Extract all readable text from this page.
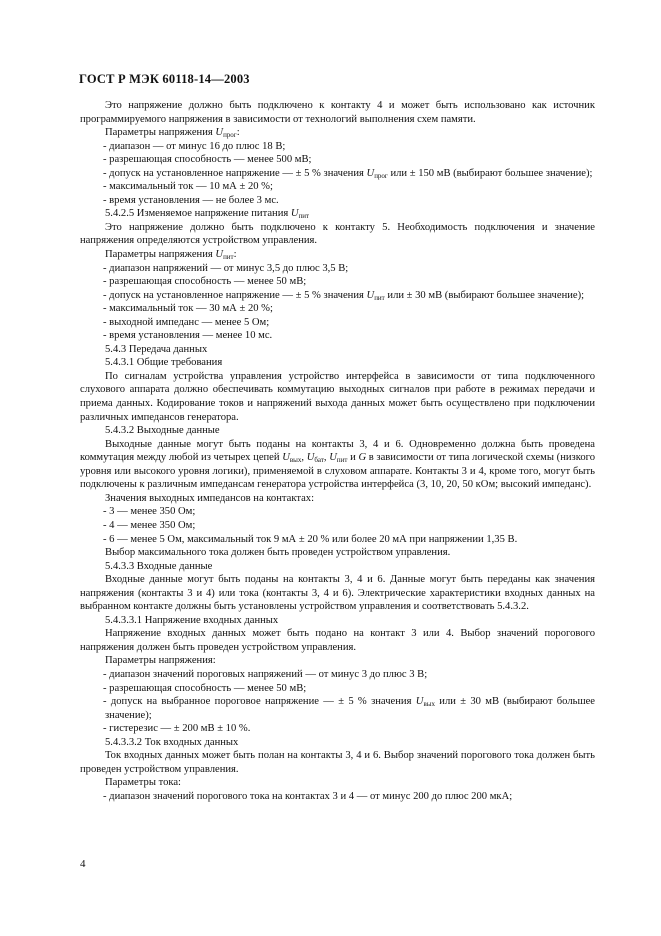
ГОСТ Р МЭК 60118-14—2003

Это напряжение должно быть подключено к контакту 4 и может быть использовано как источник программируемого напряжения в зависимости от технологий выполнения схем памяти.

Параметры напряжения $U_{прог}$:

- диапазон — от минус 16 до плюс 18 В;

- разрешающая способность — менее 500 мВ;

- допуск на установленное напряжение — ± 5 % значения $U_{прог}$ или ± 150 мВ (выбирают большее значение);

- максимальный ток — 10 мА ± 20 %;

- время установления — не более 3 мс.

5.4.2.5 Изменяемое напряжение питания $U_{пит}$

Это напряжение должно быть подключено к контакту 5. Необходимость подключения и значение напряжения определяются устройством управления.

Параметры напряжения $U_{пит}$:

- диапазон напряжений — от минус 3,5 до плюс 3,5 В;

- разрешающая способность — менее 50 мВ;

- допуск на установленное напряжение — ± 5 % значения $U_{пит}$ или ± 30 мВ (выбирают большее значение);

- максимальный ток — 30 мА ± 20 %;

- выходной импеданс — менее 5 Ом;

- время установления — менее 10 мс.

5.4.3 Передача данных

5.4.3.1 Общие требования

По сигналам устройства управления устройство интерфейса в зависимости от типа подключенного слухового аппарата должно обеспечивать коммутацию выходных сигналов при работе в режимах передачи и приема данных. Кодирование токов и напряжений выхода данных может быть осуществлено при подключении различных импедансов генератора.

5.4.3.2 Выходные данные

Выходные данные могут быть поданы на контакты 3, 4 и 6. Одновременно должна быть проведена коммутация между любой из четырех цепей $U_{вых}$, $U_{бат}$, $U_{пит}$ и G в зависимости от типа логической схемы (низкого уровня или высокого уровня логики), применяемой в слуховом аппарате. Контакты 3 и 4, кроме того, могут быть подключены к различным импедансам генератора устройства интерфейса (3, 10, 20, 50 кОм; высокий импеданс).

Значения выходных импедансов на контактах:

- 3 — менее 350 Ом;

- 4 — менее 350 Ом;

- 6 — менее 5 Ом, максимальный ток 9 мА ± 20 % или более 20 мА при напряжении 1,35 В.

Выбор максимального тока должен быть проведен устройством управления.

5.4.3.3 Входные данные

Входные данные могут быть поданы на контакты 3, 4 и 6. Данные могут быть переданы как значения напряжения (контакты 3 и 4) или тока (контакты 3, 4 и 6). Электрические характеристики входных данных на выбранном контакте должны быть установлены устройством управления и соответствовать 5.4.3.2.

5.4.3.3.1 Напряжение входных данных

Напряжение входных данных может быть подано на контакт 3 или 4. Выбор значений порогового напряжения должен быть проведен устройством управления.

Параметры напряжения:

- диапазон значений пороговых напряжений — от минус 3 до плюс 3 В;

- разрешающая способность — менее 50 мВ;

- допуск на выбранное пороговое напряжение — ± 5 % значения $U_{вых}$ или ± 30 мВ (выбирают большее значение);

- гистерезис — ± 200 мВ ± 10 %.

5.4.3.3.2 Ток входных данных

Ток входных данных может быть полан на контакты 3, 4 и 6. Выбор значений порогового тока должен быть проведен устройством управления.

Параметры тока:

- диапазон значений порогового тока на контактах 3 и 4 — от минус 200 до плюс 200 мкА;

4
